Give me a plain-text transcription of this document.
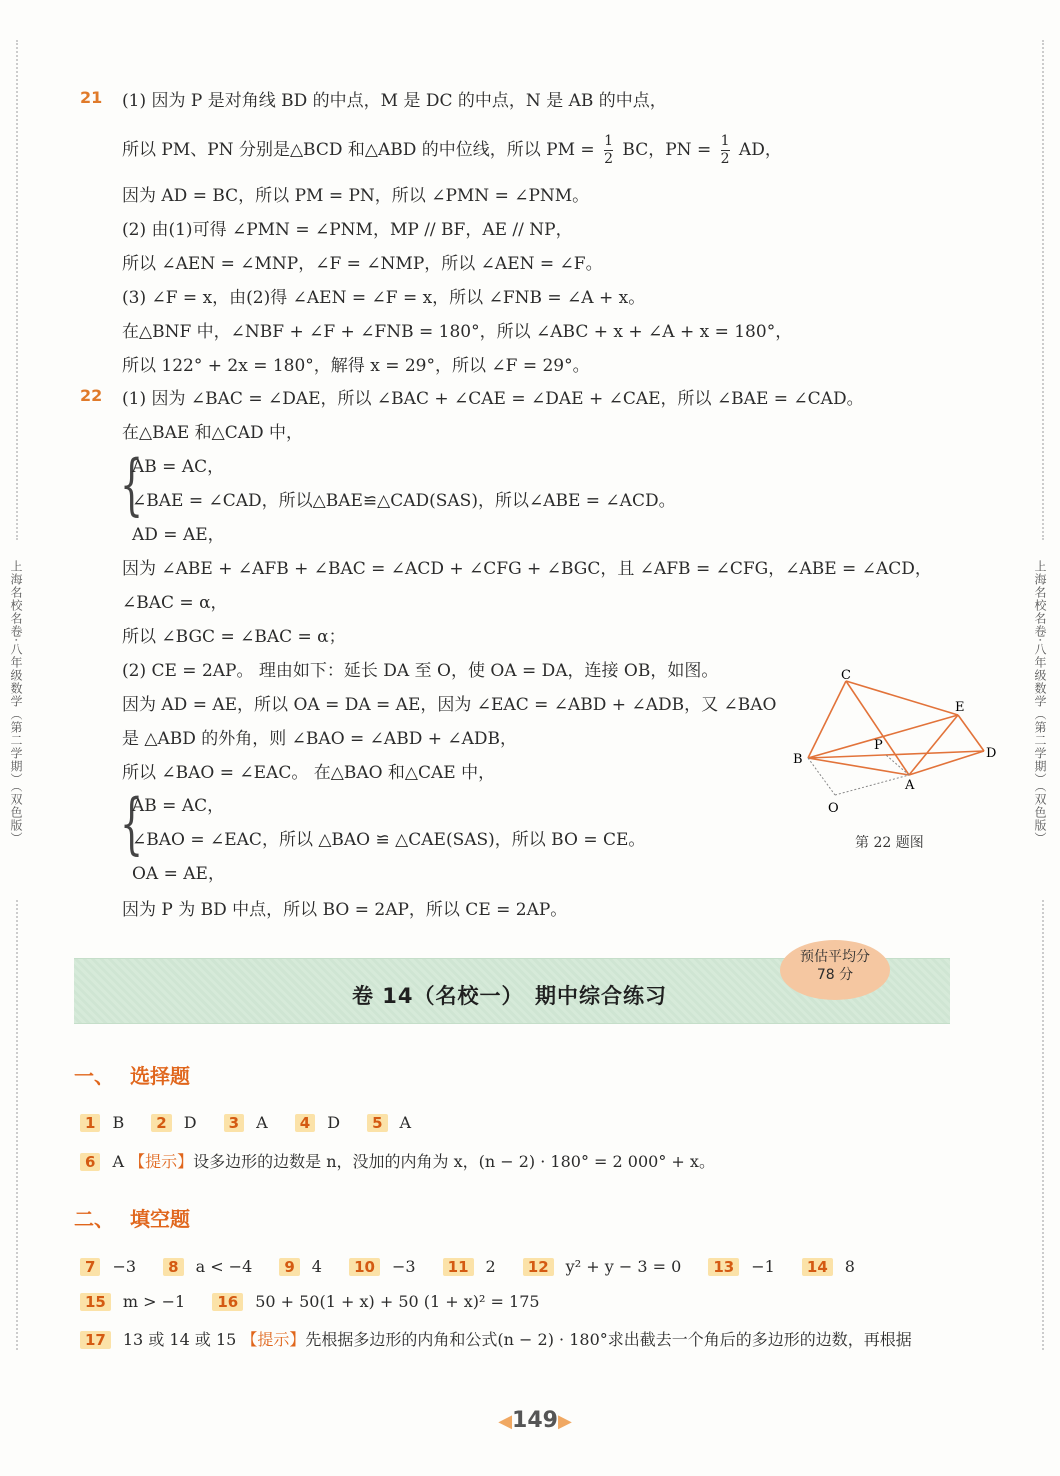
上海名校名卷·八年级数学（第二学期）（双色版）	上海名校名卷·八年级数学（第二学期）（双色版）
21 (1) 因为 P 是对角线 BD 的中点，M 是 DC 的中点，N 是 AB 的中点，
所以 PM、PN 分别是△BCD 和△ABD 的中位线，所以 PM = $\frac{1}{2}$ BC，PN = $\frac{1}{2}$ AD，
因为 AD = BC，所以 PM = PN，所以 ∠PMN = ∠PNM。
(2) 由(1)可得 ∠PMN = ∠PNM，MP // BF，AE // NP，
所以 ∠AEN = ∠MNP，∠F = ∠NMP，所以 ∠AEN = ∠F。
(3) ∠F = x，由(2)得 ∠AEN = ∠F = x，所以 ∠FNB = ∠A + x。
在△BNF 中，∠NBF + ∠F + ∠FNB = 180°，所以 ∠ABC + x + ∠A + x = 180°，
所以 122° + 2x = 180°，解得 x = 29°，所以 ∠F = 29°。
22 (1) 因为 ∠BAC = ∠DAE，所以 ∠BAC + ∠CAE = ∠DAE + ∠CAE，所以 ∠BAE = ∠CAD。
在△BAE 和△CAD 中，
{
AB = AC，
∠BAE = ∠CAD，所以△BAE≌△CAD(SAS)，所以∠ABE = ∠ACD。
AD = AE，
因为 ∠ABE + ∠AFB + ∠BAC = ∠ACD + ∠CFG + ∠BGC，且 ∠AFB = ∠CFG，∠ABE = ∠ACD，
∠BAC = α，
所以 ∠BGC = ∠BAC = α；
(2) CE = 2AP。 理由如下：延长 DA 至 O，使 OA = DA，连接 OB，如图。
因为 AD = AE，所以 OA = DA = AE，因为 ∠EAC = ∠ABD + ∠ADB，又 ∠BAO
是 △ABD 的外角，则 ∠BAO = ∠ABD + ∠ADB，
所以 ∠BAO = ∠EAC。 在△BAO 和△CAE 中，
{
AB = AC，
∠BAO = ∠EAC，所以 △BAO ≌ △CAE(SAS)，所以 BO = CE。
OA = AE，
因为 P 为 BD 中点，所以 BO = 2AP，所以 CE = 2AP。
C
E
B
P
D
A
O
第 22 题图
卷 14（名校一）　期中综合练习
预估平均分
78 分
一、 选择题
1 B 2 D 3 A 4 D 5 A
6 A 【提示】设多边形的边数是 n，没加的内角为 x，(n − 2) · 180° = 2 000° + x。
二、 填空题
7 −3 8 a < −4 9 4 10 −3 11 2 12 y² + y − 3 = 0 13 −1 14 8
15 m > −1 16 50 + 50(1 + x) + 50 (1 + x)² = 175
17 13 或 14 或 15 【提示】先根据多边形的内角和公式(n − 2) · 180°求出截去一个角后的多边形的边数，再根据
◀149▶
